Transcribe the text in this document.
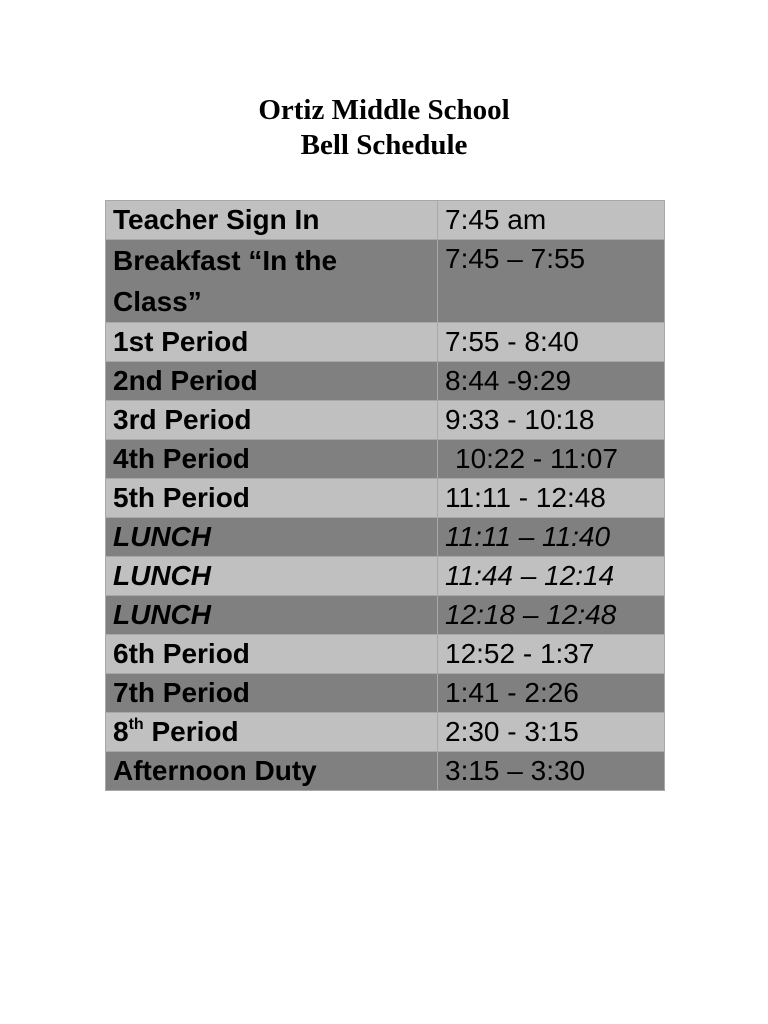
Ortiz Middle School
Bell Schedule
Teacher Sign In	7:45 am
Breakfast “In the Class”	7:45 – 7:55
1st Period	7:55 - 8:40
2nd Period	8:44 -9:29
3rd Period	9:33 - 10:18
4th Period	10:22 - 11:07
5th Period	11:11 - 12:48
LUNCH	11:11 – 11:40
LUNCH	11:44 – 12:14
LUNCH	12:18 – 12:48
6th Period	12:52 - 1:37
7th Period	1:41 - 2:26
8th Period	2:30 - 3:15
Afternoon Duty	3:15 – 3:30
